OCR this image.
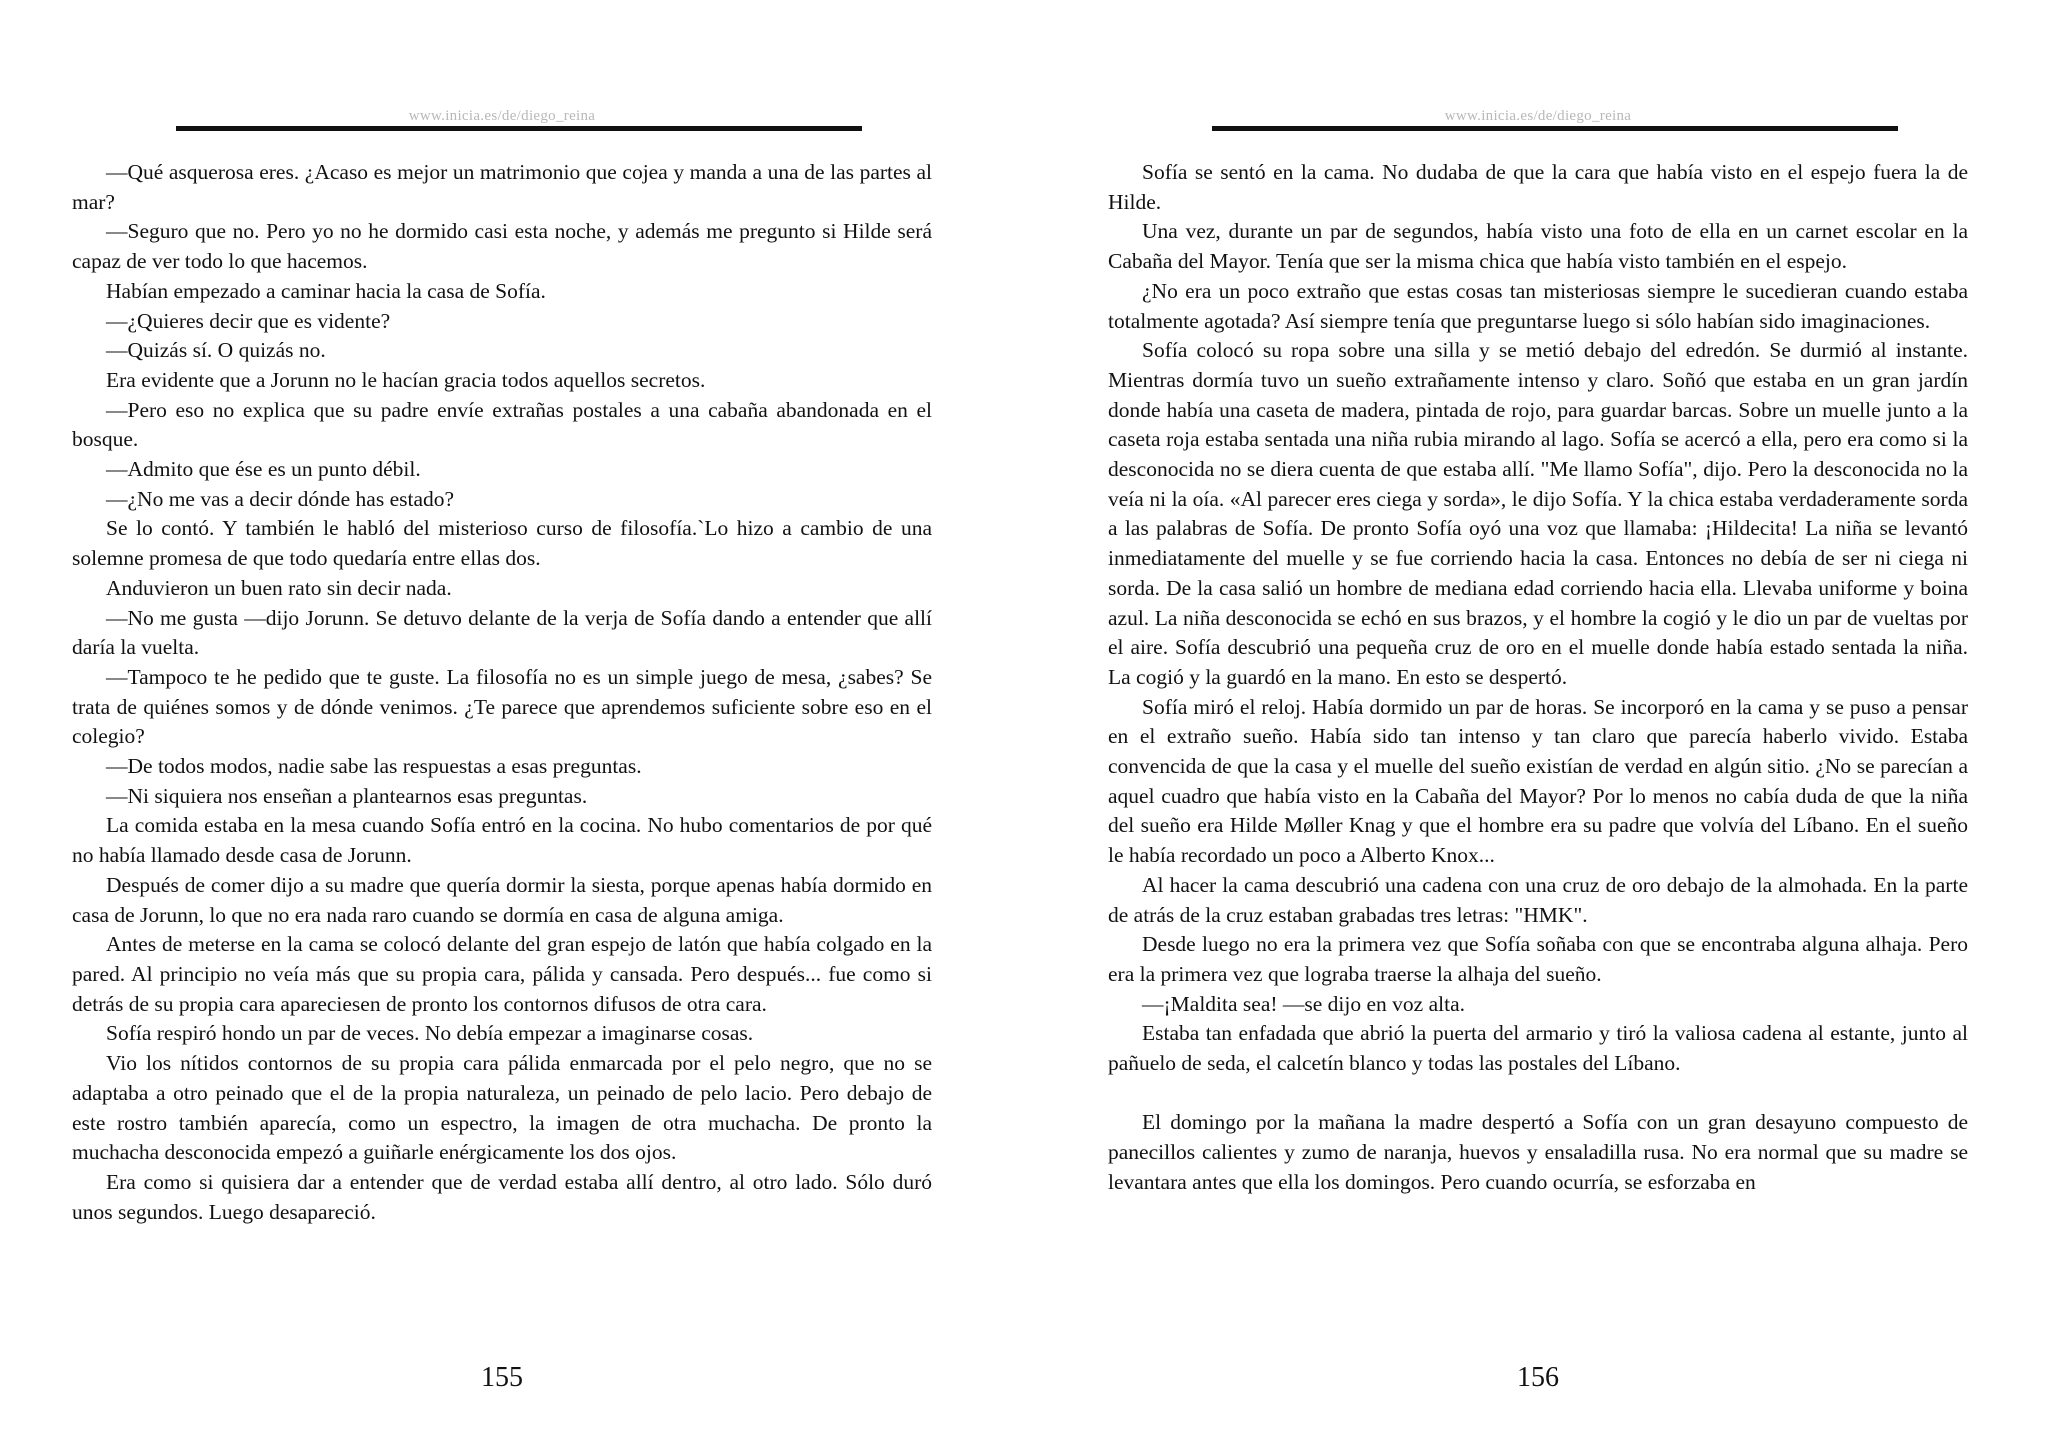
www.inicia.es/de/diego_reina

—Qué asquerosa eres. ¿Acaso es mejor un matrimonio que cojea y manda a una de las partes al mar?

—Seguro que no. Pero yo no he dormido casi esta noche, y además me pregunto si Hilde será capaz de ver todo lo que hacemos.

Habían empezado a caminar hacia la casa de Sofía.

—¿Quieres decir que es vidente?

—Quizás sí. O quizás no.

Era evidente que a Jorunn no le hacían gracia todos aquellos secretos.

—Pero eso no explica que su padre envíe extrañas postales a una cabaña abandonada en el bosque.

—Admito que ése es un punto débil.

—¿No me vas a decir dónde has estado?

Se lo contó. Y también le habló del misterioso curso de filosofía.`Lo hizo a cambio de una solemne promesa de que todo quedaría entre ellas dos.

Anduvieron un buen rato sin decir nada.

—No me gusta —dijo Jorunn. Se detuvo delante de la verja de Sofía dando a entender que allí daría la vuelta.

—Tampoco te he pedido que te guste. La filosofía no es un simple juego de mesa, ¿sabes? Se trata de quiénes somos y de dónde venimos. ¿Te parece que aprendemos suficiente sobre eso en el colegio?

—De todos modos, nadie sabe las respuestas a esas preguntas.

—Ni siquiera nos enseñan a plantearnos esas preguntas.

La comida estaba en la mesa cuando Sofía entró en la cocina. No hubo comentarios de por qué no había llamado desde casa de Jorunn.

Después de comer dijo a su madre que quería dormir la siesta, porque apenas había dormido en casa de Jorunn, lo que no era nada raro cuando se dormía en casa de alguna amiga.

Antes de meterse en la cama se colocó delante del gran espejo de latón que había colgado en la pared. Al principio no veía más que su propia cara, pálida y cansada. Pero después... fue como si detrás de su propia cara apareciesen de pronto los contornos difusos de otra cara.

Sofía respiró hondo un par de veces. No debía empezar a imaginarse cosas.

Vio los nítidos contornos de su propia cara pálida enmarcada por el pelo negro, que no se adaptaba a otro peinado que el de la propia naturaleza, un peinado de pelo lacio. Pero debajo de este rostro también aparecía, como un espectro, la imagen de otra muchacha. De pronto la muchacha desconocida empezó a guiñarle enérgicamente los dos ojos.

Era como si quisiera dar a entender que de verdad estaba allí dentro, al otro lado. Sólo duró unos segundos. Luego desapareció.

155
www.inicia.es/de/diego_reina

Sofía se sentó en la cama. No dudaba de que la cara que había visto en el espejo fuera la de Hilde.

Una vez, durante un par de segundos, había visto una foto de ella en un carnet escolar en la Cabaña del Mayor. Tenía que ser la misma chica que había visto también en el espejo.

¿No era un poco extraño que estas cosas tan misteriosas siempre le sucedieran cuando estaba totalmente agotada? Así siempre tenía que preguntarse luego si sólo habían sido imaginaciones.

Sofía colocó su ropa sobre una silla y se metió debajo del edredón. Se durmió al instante. Mientras dormía tuvo un sueño extrañamente intenso y claro. Soñó que estaba en un gran jardín donde había una caseta de madera, pintada de rojo, para guardar barcas. Sobre un muelle junto a la caseta roja estaba sentada una niña rubia mirando al lago. Sofía se acercó a ella, pero era como si la desconocida no se diera cuenta de que estaba allí. "Me llamo Sofía", dijo. Pero la desconocida no la veía ni la oía. «Al parecer eres ciega y sorda», le dijo Sofía. Y la chica estaba verdaderamente sorda a las palabras de Sofía. De pronto Sofía oyó una voz que llamaba: ¡Hildecita! La niña se levantó inmediatamente del muelle y se fue corriendo hacia la casa. Entonces no debía de ser ni ciega ni sorda. De la casa salió un hombre de mediana edad corriendo hacia ella. Llevaba uniforme y boina azul. La niña desconocida se echó en sus brazos, y el hombre la cogió y le dio un par de vueltas por el aire. Sofía descubrió una pequeña cruz de oro en el muelle donde había estado sentada la niña. La cogió y la guardó en la mano. En esto se despertó.

Sofía miró el reloj. Había dormido un par de horas. Se incorporó en la cama y se puso a pensar en el extraño sueño. Había sido tan intenso y tan claro que parecía haberlo vivido. Estaba convencida de que la casa y el muelle del sueño existían de verdad en algún sitio. ¿No se parecían a aquel cuadro que había visto en la Cabaña del Mayor? Por lo menos no cabía duda de que la niña del sueño era Hilde Møller Knag y que el hombre era su padre que volvía del Líbano. En el sueño le había recordado un poco a Alberto Knox...

Al hacer la cama descubrió una cadena con una cruz de oro debajo de la almohada. En la parte de atrás de la cruz estaban grabadas tres letras: "HMK".

Desde luego no era la primera vez que Sofía soñaba con que se encontraba alguna alhaja. Pero era la primera vez que lograba traerse la alhaja del sueño.

—¡Maldita sea! —se dijo en voz alta.

Estaba tan enfadada que abrió la puerta del armario y tiró la valiosa cadena al estante, junto al pañuelo de seda, el calcetín blanco y todas las postales del Líbano.

El domingo por la mañana la madre despertó a Sofía con un gran desayuno compuesto de panecillos calientes y zumo de naranja, huevos y ensaladilla rusa. No era normal que su madre se levantara antes que ella los domingos. Pero cuando ocurría, se esforzaba en

156
